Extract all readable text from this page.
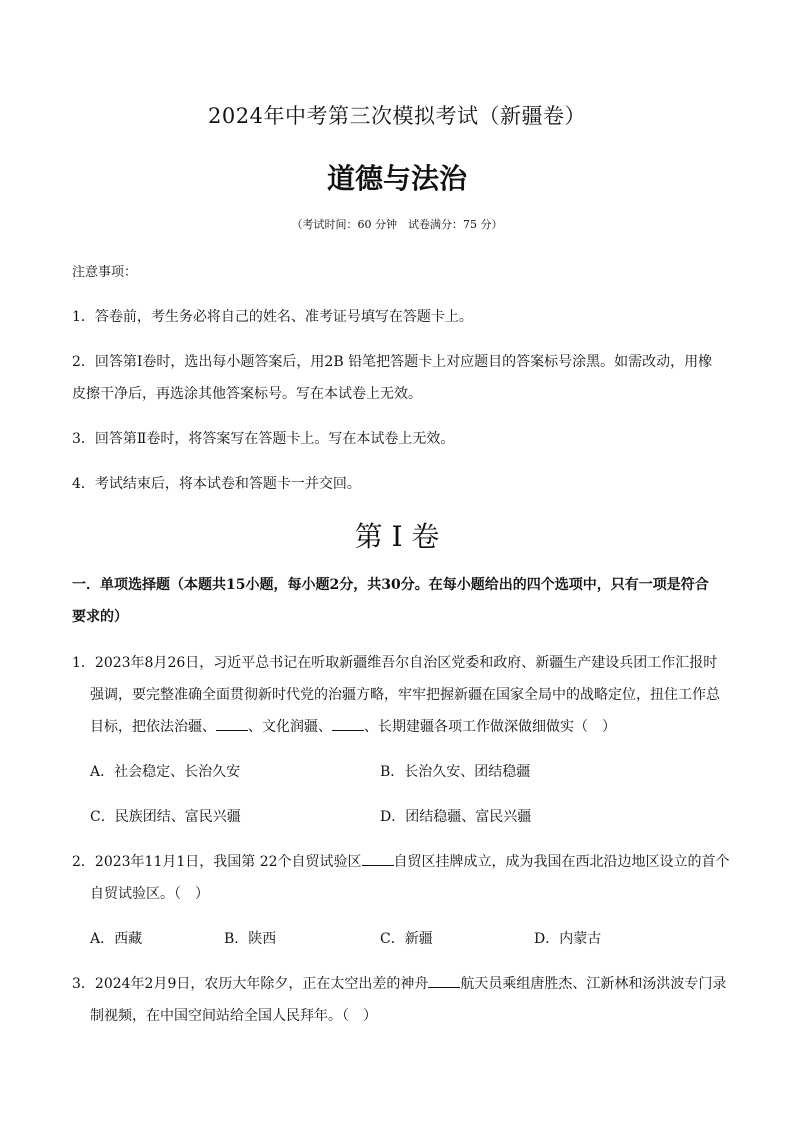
2024年中考第三次模拟考试（新疆卷）
道德与法治
（考试时间：60 分钟　试卷满分：75 分）
注意事项：
1．答卷前，考生务必将自己的姓名、准考证号填写在答题卡上。
2．回答第Ⅰ卷时，选出每小题答案后，用2B 铅笔把答题卡上对应题目的答案标号涂黑。如需改动，用橡
皮擦干净后，再选涂其他答案标号。写在本试卷上无效。
3．回答第Ⅱ卷时，将答案写在答题卡上。写在本试卷上无效。
4．考试结束后，将本试卷和答题卡一并交回。
第 I 卷
一．单项选择题（本题共15小题，每小题2分，共30分。在每小题给出的四个选项中，只有一项是符合
要求的）
1．2023年8月26日，习近平总书记在听取新疆维吾尔自治区党委和政府、新疆生产建设兵团工作汇报时
强调，要完整准确全面贯彻新时代党的治疆方略，牢牢把握新疆在国家全局中的战略定位，扭住工作总
目标，把依法治疆、 、文化润疆、 、长期建疆各项工作做深做细做实（　）
A．社会稳定、长治久安	B．长治久安、团结稳疆
C．民族团结、富民兴疆	D．团结稳疆、富民兴疆
2．2023年11月1日，我国第 22个自贸试验区 自贸区挂牌成立，成为我国在西北沿边地区设立的首个
自贸试验区。（　）
A．西藏	B．陕西	C．新疆	D．内蒙古
3．2024年2月9日，农历大年除夕，正在太空出差的神舟 航天员乘组唐胜杰、江新林和汤洪波专门录
制视频，在中国空间站给全国人民拜年。（　）
